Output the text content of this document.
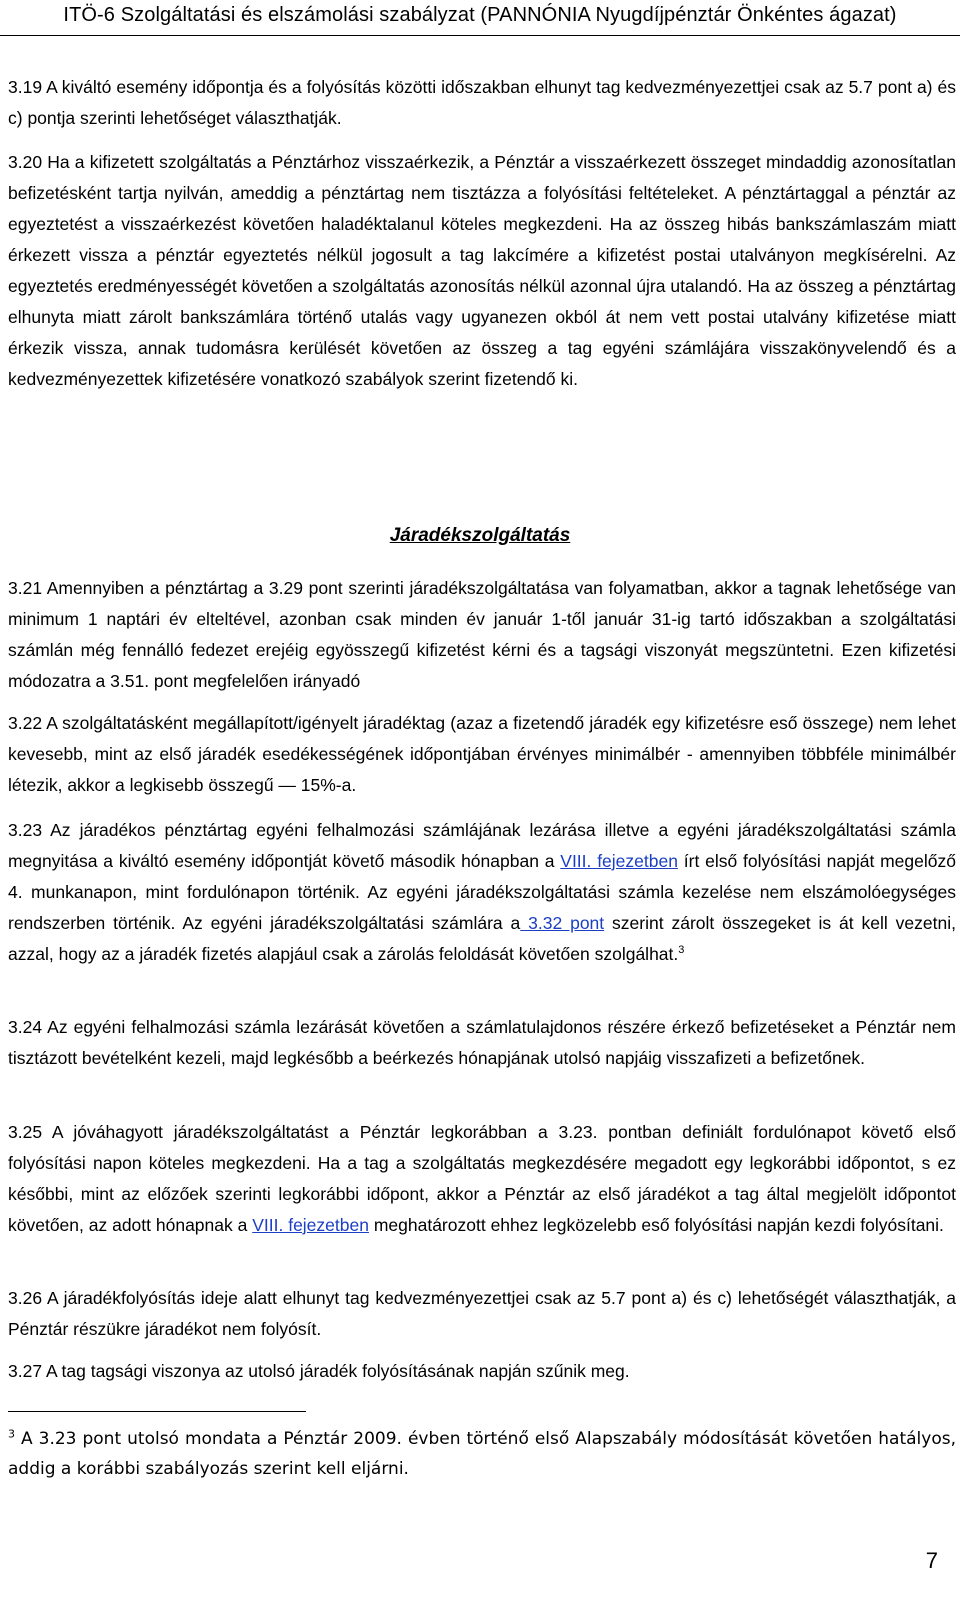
ITÖ-6 Szolgáltatási és elszámolási szabályzat (PANNÓNIA Nyugdíjpénztár Önkéntes ágazat)

3.19 A kiváltó esemény időpontja és a folyósítás közötti időszakban elhunyt tag kedvezményezettjei csak az 5.7 pont a) és c) pontja szerinti lehetőséget választhatják.

3.20 Ha a kifizetett szolgáltatás a Pénztárhoz visszaérkezik, a Pénztár a visszaérkezett összeget mindaddig azonosítatlan befizetésként tartja nyilván, ameddig a pénztártag nem tisztázza a folyósítási feltételeket. A pénztártaggal a pénztár az egyeztetést a visszaérkezést követően haladéktalanul köteles megkezdeni. Ha az összeg hibás bankszámlaszám miatt érkezett vissza a pénztár egyeztetés nélkül jogosult a tag lakcímére a kifizetést postai utalványon megkísérelni. Az egyeztetés eredményességét követően a szolgáltatás azonosítás nélkül azonnal újra utalandó. Ha az összeg a pénztártag elhunyta miatt zárolt bankszámlára történő utalás vagy ugyanezen okból át nem vett postai utalvány kifizetése miatt érkezik vissza, annak tudomásra kerülését követően az összeg a tag egyéni számlájára visszakönyvelendő és a kedvezményezettek kifizetésére vonatkozó szabályok szerint fizetendő ki.

Járadékszolgáltatás

3.21 Amennyiben a pénztártag a 3.29 pont szerinti járadékszolgáltatása van folyamatban, akkor a tagnak lehetősége van minimum 1 naptári év elteltével, azonban csak minden év január 1-től január 31-ig tartó időszakban a szolgáltatási számlán még fennálló fedezet erejéig egyösszegű kifizetést kérni és a tagsági viszonyát megszüntetni. Ezen kifizetési módozatra a 3.51. pont megfelelően irányadó

3.22 A szolgáltatásként megállapított/igényelt járadéktag (azaz a fizetendő járadék egy kifizetésre eső összege) nem lehet kevesebb, mint az első járadék esedékességének időpontjában érvényes minimálbér - amennyiben többféle minimálbér létezik, akkor a legkisebb összegű — 15%-a.

3.23 Az járadékos pénztártag egyéni felhalmozási számlájának lezárása illetve a egyéni járadékszolgáltatási számla megnyitása a kiváltó esemény időpontját követő második hónapban a VIII. fejezetben írt első folyósítási napját megelőző 4. munkanapon, mint fordulónapon történik. Az egyéni járadékszolgáltatási számla kezelése nem elszámolóegységes rendszerben történik. Az egyéni járadékszolgáltatási számlára a 3.32 pont szerint zárolt összegeket is át kell vezetni, azzal, hogy az a járadék fizetés alapjául csak a zárolás feloldását követően szolgálhat.$^3$

3.24 Az egyéni felhalmozási számla lezárását követően a számlatulajdonos részére érkező befizetéseket a Pénztár nem tisztázott bevételként kezeli, majd legkésőbb a beérkezés hónapjának utolsó napjáig visszafizeti a befizetőnek.

3.25 A jóváhagyott járadékszolgáltatást a Pénztár legkorábban a 3.23. pontban definiált fordulónapot követő első folyósítási napon köteles megkezdeni. Ha a tag a szolgáltatás megkezdésére megadott egy legkorábbi időpontot, s ez későbbi, mint az előzőek szerinti legkorábbi időpont, akkor a Pénztár az első járadékot a tag által megjelölt időpontot követően, az adott hónapnak a VIII. fejezetben meghatározott ehhez legközelebb eső folyósítási napján kezdi folyósítani.

3.26 A járadékfolyósítás ideje alatt elhunyt tag kedvezményezettjei csak az 5.7 pont a) és c) lehetőségét választhatják, a Pénztár részükre járadékot nem folyósít.

3.27 A tag tagsági viszonya az utolsó járadék folyósításának napján szűnik meg.

$^3$ A 3.23 pont utolsó mondata a Pénztár 2009. évben történő első Alapszabály módosítását követően hatályos, addig a korábbi szabályozás szerint kell eljárni.

7
